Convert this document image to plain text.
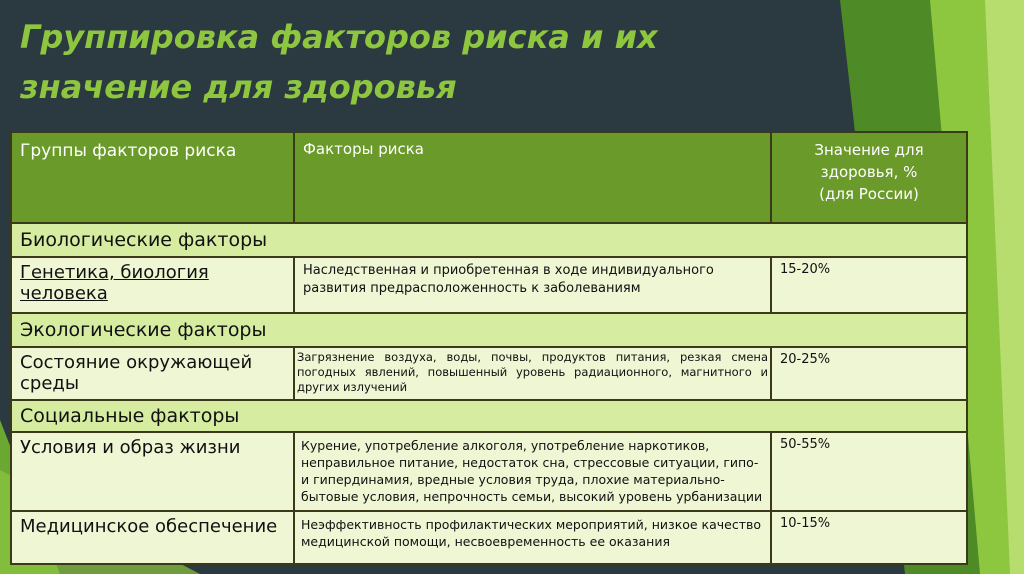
Группировка факторов риска и их
значение для здоровья
Группы факторов риска	Факторы риска	Значение для
здоровья, %
(для России)

Биологические факторы		
Генетика, биология человека	Наследственная и приобретенная в ходе индивидуального развития предрасположенность к заболеваниям	15-20%
Экологические факторы		
Состояние окружающей среды	Загрязнение воздуха, воды, почвы, продуктов питания, резкая смена погодных явлений, повышенный уровень радиационного, магнитного и других излучений	20-25%
Социальные факторы		
Условия и образ жизни	Курение, употребление алкоголя, употребление наркотиков, неправильное питание, недостаток сна, стрессовые ситуации, гипо- и гипердинамия, вредные условия труда, плохие материально-бытовые условия, непрочность семьи, высокий уровень урбанизации	50-55%
Медицинское обеспечение	Неэффективность профилактических мероприятий, низкое качество медицинской помощи, несвоевременность ее оказания	10-15%
